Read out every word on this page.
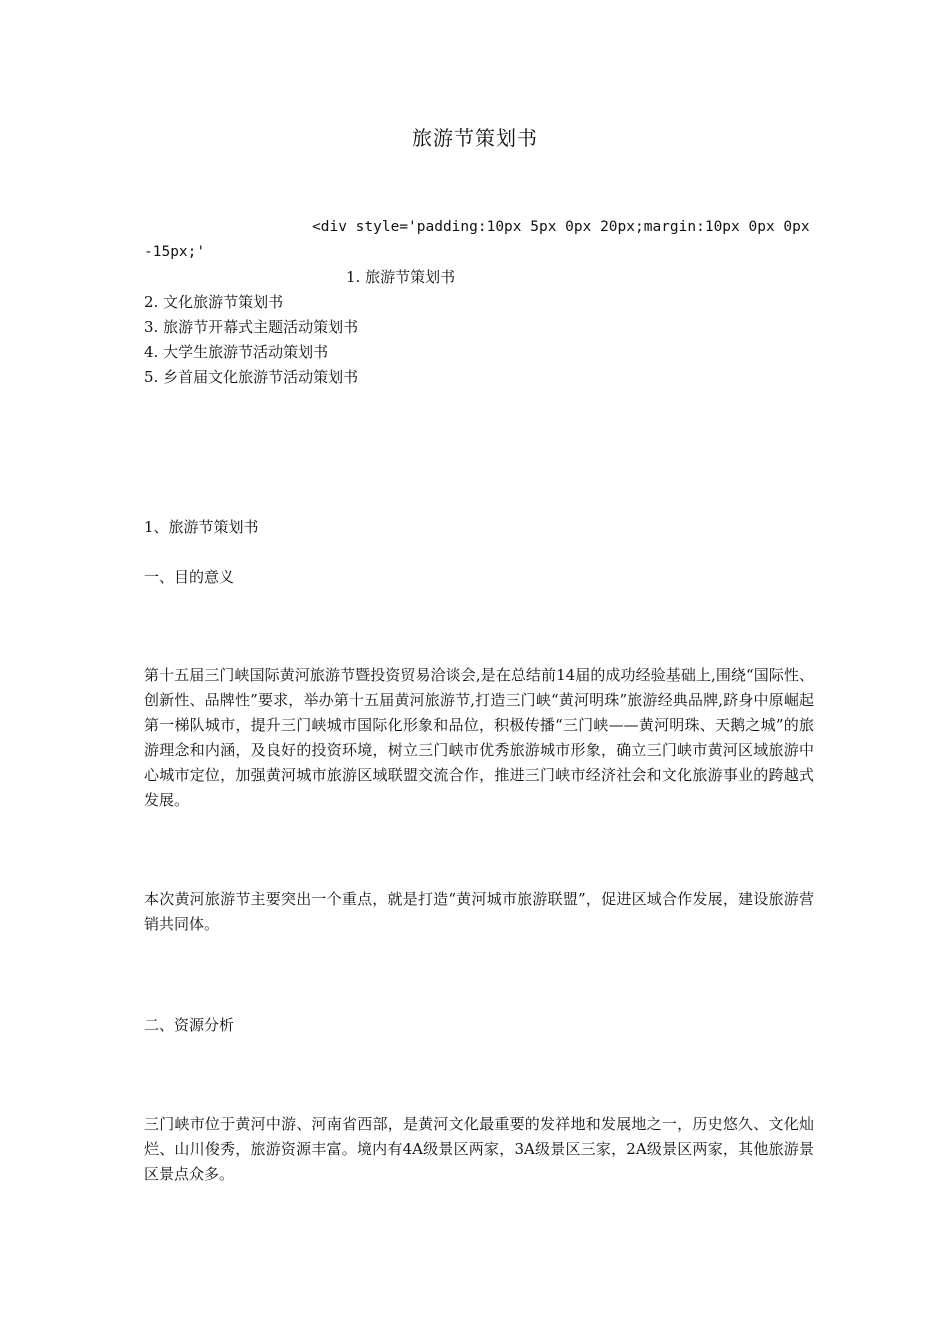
旅游节策划书
<div style='padding:10px 5px 0px 20px;margin:10px 0px 0px
-15px;'
1. 旅游节策划书
2. 文化旅游节策划书
3. 旅游节开幕式主题活动策划书
4. 大学生旅游节活动策划书
5. 乡首届文化旅游节活动策划书
1、旅游节策划书
一、目的意义
第十五届三门峡国际黄河旅游节暨投资贸易洽谈会,是在总结前14届的成功经验基础上,围绕“国际性、创新性、品牌性”要求，举办第十五届黄河旅游节,打造三门峡“黄河明珠”旅游经典品牌,跻身中原崛起第一梯队城市，提升三门峡城市国际化形象和品位，积极传播“三门峡——黄河明珠、天鹅之城”的旅游理念和内涵，及良好的投资环境，树立三门峡市优秀旅游城市形象，确立三门峡市黄河区域旅游中心城市定位，加强黄河城市旅游区域联盟交流合作，推进三门峡市经济社会和文化旅游事业的跨越式发展。
本次黄河旅游节主要突出一个重点，就是打造“黄河城市旅游联盟”，促进区域合作发展，建设旅游营销共同体。
二、资源分析
三门峡市位于黄河中游、河南省西部，是黄河文化最重要的发祥地和发展地之一，历史悠久、文化灿烂、山川俊秀，旅游资源丰富。境内有4A级景区两家，3A级景区三家，2A级景区两家，其他旅游景区景点众多。
